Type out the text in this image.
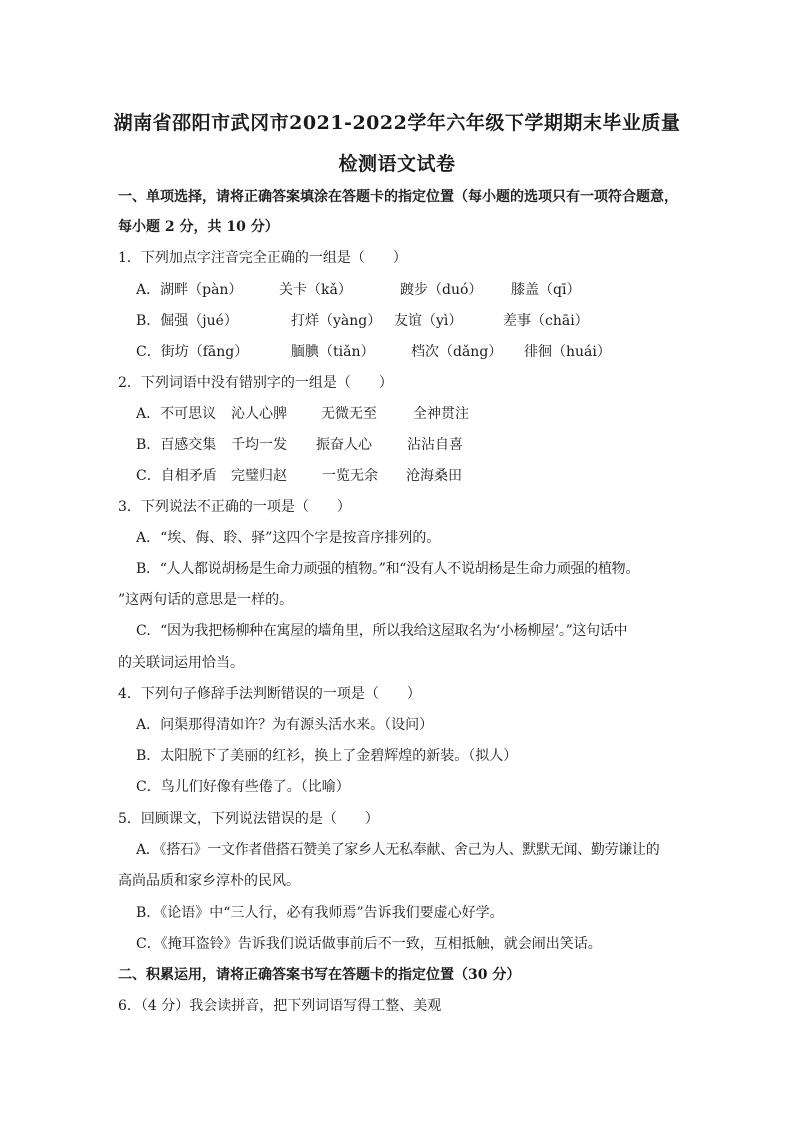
湖南省邵阳市武冈市2021-2022学年六年级下学期期末毕业质量
检测语文试卷
一、单项选择，请将正确答案填涂在答题卡的指定位置（每小题的选项只有一项符合题意，
每小题 2 分，共 10 分）
1．下列加点字注音完全正确的一组是（　　）
A．湖畔（pàn）	关卡（kǎ）	踱步（duó） 膝盖（qī）
B．倔强（jué）	打烊（yàng） 友谊（yì）	差事（chāi）
C．街坊（fāng）	腼腆（tiǎn）	档次（dǎng） 徘徊（huái）
2．下列词语中没有错别字的一组是（　　）
A．不可思议 沁人心脾 无微无至	全神贯注
B．百感交集 千均一发 振奋人心	沾沾自喜
C．自相矛盾 完璧归赵	一览无余 沧海桑田
3．下列说法不正确的一项是（　　）
A．“埃、侮、聆、驿”这四个字是按音序排列的。
B．“人人都说胡杨是生命力顽强的植物。”和“没有人不说胡杨是生命力顽强的植物。
”这两句话的意思是一样的。
C．“因为我把杨柳种在寓屋的墙角里，所以我给这屋取名为‘小杨柳屋’。”这句话中
的关联词运用恰当。
4．下列句子修辞手法判断错误的一项是（　　）
A．问渠那得清如许？为有源头活水来。（设问）
B．太阳脱下了美丽的红衫，换上了金碧辉煌的新装。（拟人）
C．鸟儿们好像有些倦了。（比喻）
5．回顾课文，下列说法错误的是（　　）
A．《搭石》一文作者借搭石赞美了家乡人无私奉献、舍己为人、默默无闻、勤劳谦让的
高尚品质和家乡淳朴的民风。
B．《论语》中“三人行，必有我师焉”告诉我们要虚心好学。
C．《掩耳盗铃》告诉我们说话做事前后不一致，互相抵触，就会闹出笑话。
二、积累运用，请将正确答案书写在答题卡的指定位置（30 分）
6．（4 分）我会读拼音，把下列词语写得工整、美观
